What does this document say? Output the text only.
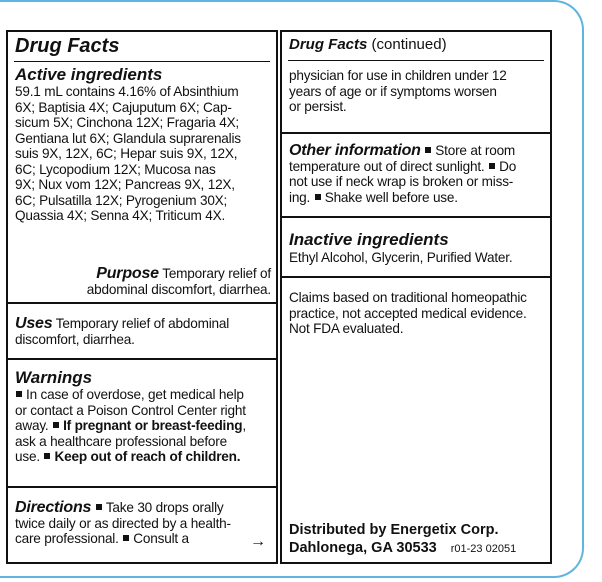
Drug Facts
Active ingredients
59.1 mL contains 4.16% of Absinthium
6X; Baptisia 4X; Cajuputum 6X; Cap-
sicum 5X; Cinchona 12X; Fragaria 4X;
Gentiana lut 6X; Glandula suprarenalis
suis 9X, 12X, 6C; Hepar suis 9X, 12X,
6C; Lycopodium 12X; Mucosa nas
9X; Nux vom 12X; Pancreas 9X, 12X,
6C; Pulsatilla 12X; Pyrogenium 30X;
Quassia 4X; Senna 4X; Triticum 4X.
Purpose Temporary relief of
abdominal discomfort, diarrhea.
Uses Temporary relief of abdominal
discomfort, diarrhea.
Warnings
In case of overdose, get medical help
or contact a Poison Control Center right
away. If pregnant or breast-feeding,
ask a healthcare professional before
use. Keep out of reach of children.
Directions Take 30 drops orally
twice daily or as directed by a health-
care professional. Consult a	→
Drug Facts (continued)
physician for use in children under 12
years of age or if symptoms worsen
or persist.
Other information Store at room
temperature out of direct sunlight. Do
not use if neck wrap is broken or miss-
ing. Shake well before use.
Inactive ingredients
Ethyl Alcohol, Glycerin, Purified Water.
Claims based on traditional homeopathic
practice, not accepted medical evidence.
Not FDA evaluated.
Distributed by Energetix Corp.
Dahlonega, GA 30533 r01-23 02051
